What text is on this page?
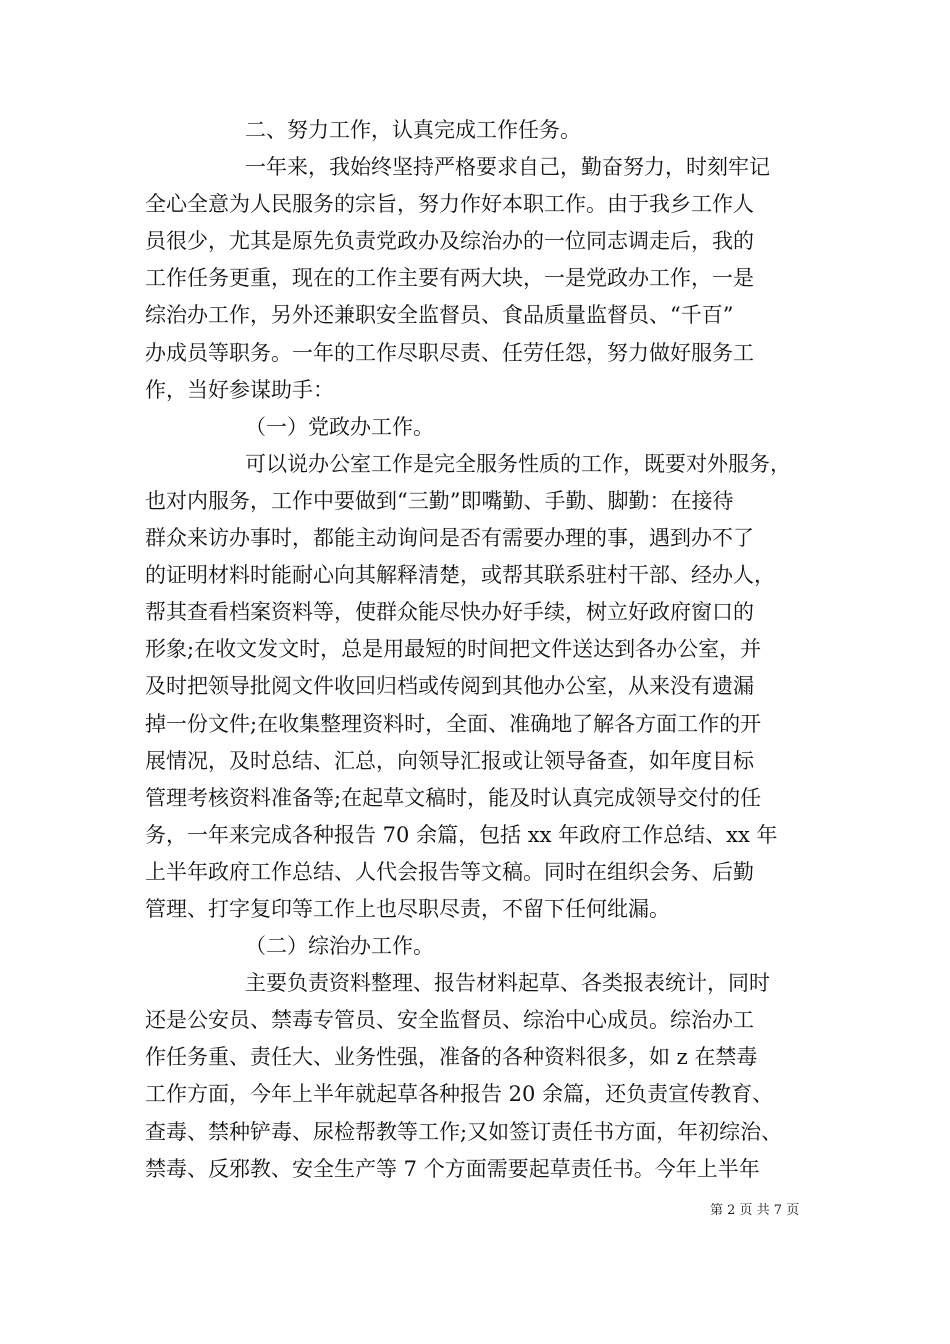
二、努力工作，认真完成工作任务。
一年来，我始终坚持严格要求自己，勤奋努力，时刻牢记
全心全意为人民服务的宗旨，努力作好本职工作。由于我乡工作人
员很少，尤其是原先负责党政办及综治办的一位同志调走后，我的
工作任务更重，现在的工作主要有两大块，一是党政办工作，一是
综治办工作，另外还兼职安全监督员、食品质量监督员、“千百”
办成员等职务。一年的工作尽职尽责、任劳任怨，努力做好服务工
作，当好参谋助手：
（一）党政办工作。
可以说办公室工作是完全服务性质的工作，既要对外服务，
也对内服务，工作中要做到“三勤”即嘴勤、手勤、脚勤：在接待
群众来访办事时，都能主动询问是否有需要办理的事，遇到办不了
的证明材料时能耐心向其解释清楚，或帮其联系驻村干部、经办人，
帮其查看档案资料等，使群众能尽快办好手续，树立好政府窗口的
形象;在收文发文时，总是用最短的时间把文件送达到各办公室，并
及时把领导批阅文件收回归档或传阅到其他办公室，从来没有遗漏
掉一份文件;在收集整理资料时，全面、准确地了解各方面工作的开
展情况，及时总结、汇总，向领导汇报或让领导备查，如年度目标
管理考核资料准备等;在起草文稿时，能及时认真完成领导交付的任
务，一年来完成各种报告 70 余篇，包括 xx 年政府工作总结、xx 年
上半年政府工作总结、人代会报告等文稿。同时在组织会务、后勤
管理、打字复印等工作上也尽职尽责，不留下任何纰漏。
（二）综治办工作。
主要负责资料整理、报告材料起草、各类报表统计，同时
还是公安员、禁毒专管员、安全监督员、综治中心成员。综治办工
作任务重、责任大、业务性强，准备的各种资料很多，如 z 在禁毒
工作方面，今年上半年就起草各种报告 20 余篇，还负责宣传教育、
查毒、禁种铲毒、尿检帮教等工作;又如签订责任书方面，年初综治、
禁毒、反邪教、安全生产等 7 个方面需要起草责任书。今年上半年
第 2 页 共 7 页
